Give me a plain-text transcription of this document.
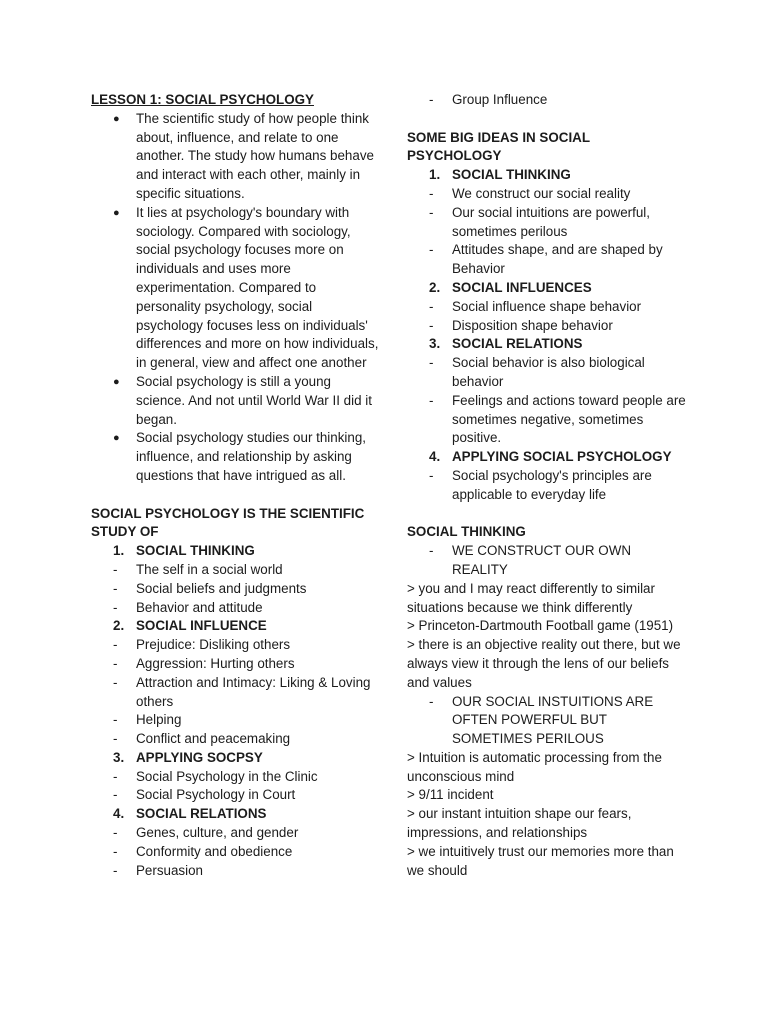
LESSON 1: SOCIAL PSYCHOLOGY

● The scientific study of how people think about, influence, and relate to one another. The study how humans behave and interact with each other, mainly in specific situations.
● It lies at psychology's boundary with sociology. Compared with sociology, social psychology focuses more on individuals and uses more experimentation. Compared to personality psychology, social psychology focuses less on individuals' differences and more on how individuals, in general, view and affect one another
● Social psychology is still a young science. And not until World War II did it began.
● Social psychology studies our thinking, influence, and relationship by asking questions that have intrigued as all.

SOCIAL PSYCHOLOGY IS THE SCIENTIFIC STUDY OF

1. SOCIAL THINKING
- The self in a social world
- Social beliefs and judgments
- Behavior and attitude
2. SOCIAL INFLUENCE
- Prejudice: Disliking others
- Aggression: Hurting others
- Attraction and Intimacy: Liking & Loving others
- Helping
- Conflict and peacemaking
3. APPLYING SOCPSY
- Social Psychology in the Clinic
- Social Psychology in Court
4. SOCIAL RELATIONS
- Genes, culture, and gender
- Conformity and obedience
- Persuasion
- Group Influence

SOME BIG IDEAS IN SOCIAL PSYCHOLOGY

1. SOCIAL THINKING
- We construct our social reality
- Our social intuitions are powerful, sometimes perilous
- Attitudes shape, and are shaped by Behavior
2. SOCIAL INFLUENCES
- Social influence shape behavior
- Disposition shape behavior
3. SOCIAL RELATIONS
- Social behavior is also biological behavior
- Feelings and actions toward people are sometimes negative, sometimes positive.
4. APPLYING SOCIAL PSYCHOLOGY
- Social psychology's principles are applicable to everyday life

SOCIAL THINKING

- WE CONSTRUCT OUR OWN REALITY

> you and I may react differently to similar situations because we think differently

> Princeton-Dartmouth Football game (1951)

> there is an objective reality out there, but we always view it through the lens of our beliefs and values

- OUR SOCIAL INSTUITIONS ARE OFTEN POWERFUL BUT SOMETIMES PERILOUS

> Intuition is automatic processing from the unconscious mind

> 9/11 incident

> our instant intuition shape our fears, impressions, and relationships

> we intuitively trust our memories more than we should
